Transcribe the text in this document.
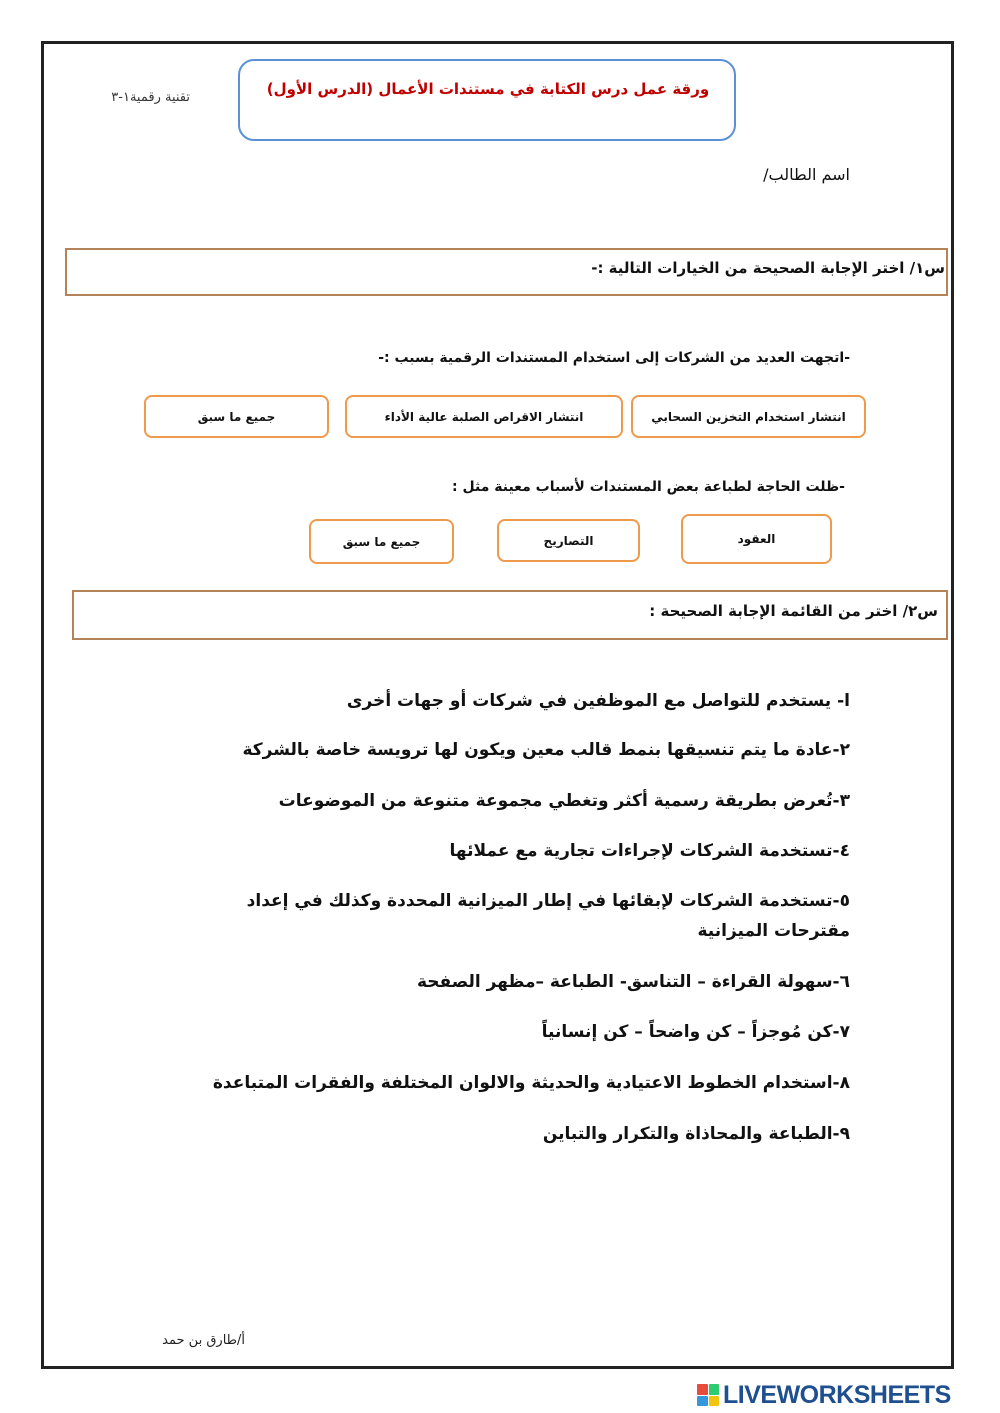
تقنية رقمية١-٣	ورقة عمل درس الكتابة في مستندات الأعمال (الدرس الأول)
اسم الطالب/
س١/ اختر الإجابة الصحيحة من الخيارات التالية :-
-اتجهت العديد من الشركات إلى استخدام المستندات الرقمية بسبب :-
انتشار استخدام التخزين السحابي
انتشار الاقراص الصلبة عالية الأداء
جميع ما سبق
-ظلت الحاجة لطباعة بعض المستندات لأسباب معينة مثل :
العقود
التصاريح
جميع ما سبق
س٢/ اختر من القائمة الإجابة الصحيحة :
ا- يستخدم للتواصل مع الموظفين في شركات أو جهات أخرى
٢-عادة ما يتم تنسيقها بنمط قالب معين ويكون لها ترويسة خاصة بالشركة
٣-تُعرض بطريقة رسمية أكثر وتغطي مجموعة متنوعة من الموضوعات
٤-تستخدمة الشركات لإجراءات تجارية مع عملائها
٥-تستخدمة الشركات لإبقائها في إطار الميزانية المحددة وكذلك في إعداد مقترحات الميزانية
٦-سهولة القراءة – التناسق- الطباعة –مظهر الصفحة
٧-كن مُوجزاً – كن واضحاً – كن إنسانياً
٨-استخدام الخطوط الاعتيادية والحديثة والالوان المختلفة والفقرات المتباعدة
٩-الطباعة والمحاذاة والتكرار والتباين
أ/طارق بن حمد
LIVEWORKSHEETS
